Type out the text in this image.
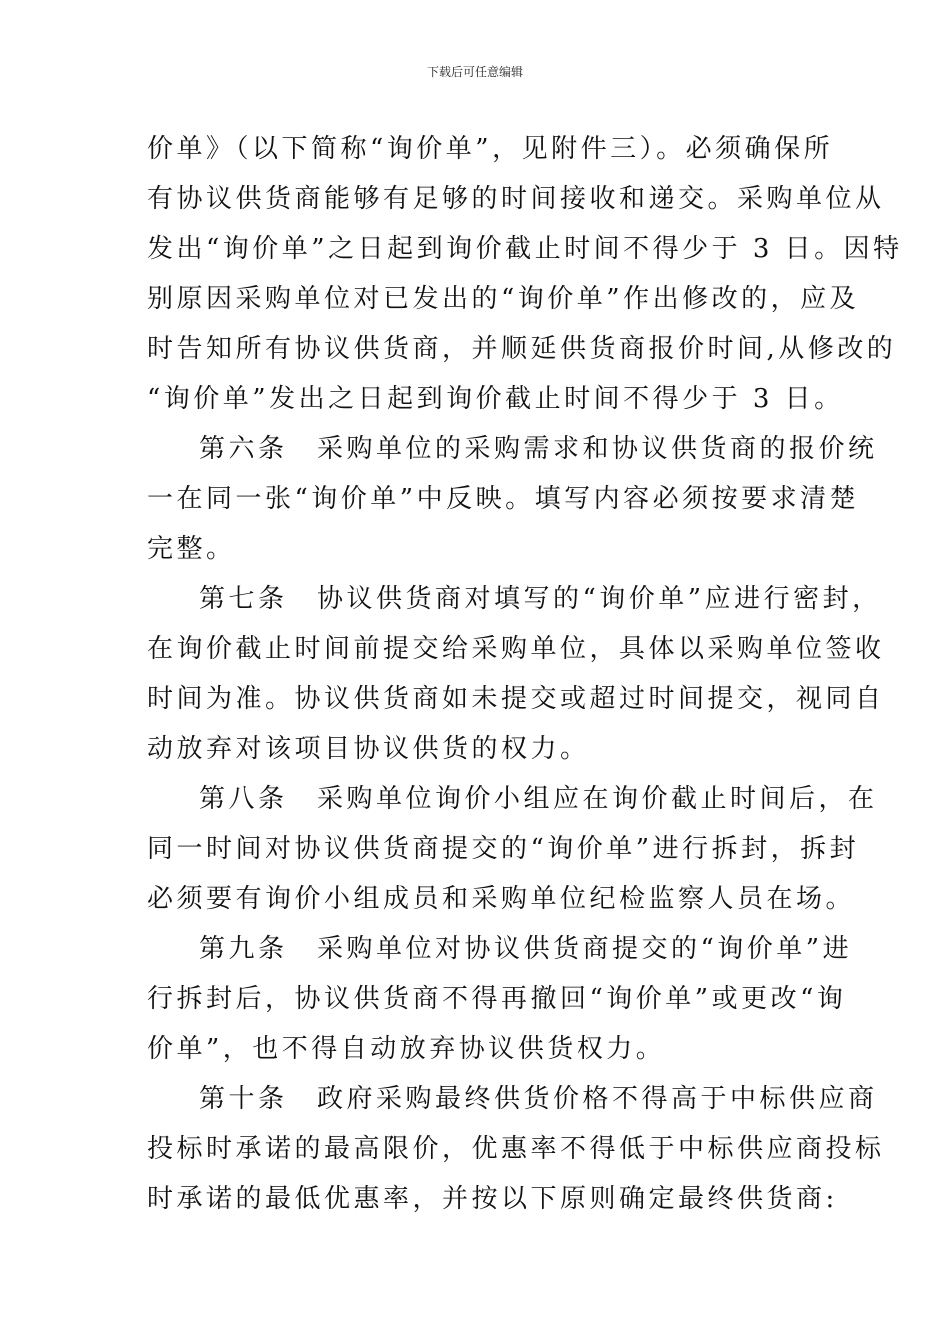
下载后可任意编辑
价单》（以下简称“询价单”，见附件三）。必须确保所
有协议供货商能够有足够的时间接收和递交。采购单位从
发出“询价单”之日起到询价截止时间不得少于 3 日。因特
别原因采购单位对已发出的“询价单”作出修改的，应及
时告知所有协议供货商，并顺延供货商报价时间,从修改的
“询价单”发出之日起到询价截止时间不得少于 3 日。
第六条　采购单位的采购需求和协议供货商的报价统
一在同一张“询价单”中反映。填写内容必须按要求清楚
完整。
第七条　协议供货商对填写的“询价单”应进行密封，
在询价截止时间前提交给采购单位，具体以采购单位签收
时间为准。协议供货商如未提交或超过时间提交，视同自
动放弃对该项目协议供货的权力。
第八条　采购单位询价小组应在询价截止时间后，在
同一时间对协议供货商提交的“询价单”进行拆封，拆封
必须要有询价小组成员和采购单位纪检监察人员在场。
第九条　采购单位对协议供货商提交的“询价单”进
行拆封后，协议供货商不得再撤回“询价单”或更改“询
价单”，也不得自动放弃协议供货权力。
第十条　政府采购最终供货价格不得高于中标供应商
投标时承诺的最高限价，优惠率不得低于中标供应商投标
时承诺的最低优惠率，并按以下原则确定最终供货商:
